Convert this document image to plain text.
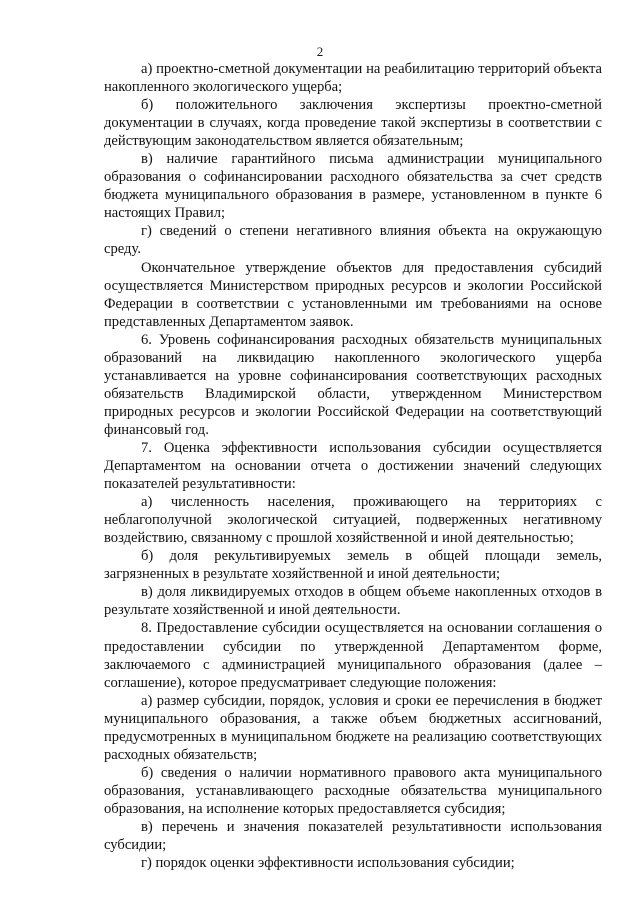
2

а) проектно-сметной документации на реабилитацию территорий объекта накопленного экологического ущерба;

б) положительного заключения экспертизы проектно-сметной документации в случаях, когда проведение такой экспертизы в соответствии с действующим законодательством является обязательным;

в) наличие гарантийного письма администрации муниципального образования о софинансировании расходного обязательства за счет средств бюджета муниципального образования в размере, установленном в пункте 6 настоящих Правил;

г) сведений о степени негативного влияния объекта на окружающую среду.

Окончательное утверждение объектов для предоставления субсидий осуществляется Министерством природных ресурсов и экологии Российской Федерации в соответствии с установленными им требованиями на основе представленных Департаментом заявок.

6. Уровень софинансирования расходных обязательств муниципальных образований на ликвидацию накопленного экологического ущерба устанавливается на уровне софинансирования соответствующих расходных обязательств Владимирской области, утвержденном Министерством природных ресурсов и экологии Российской Федерации на соответствующий финансовый год.

7. Оценка эффективности использования субсидии осуществляется Департаментом на основании отчета о достижении значений следующих показателей результативности:

а) численность населения, проживающего на территориях с неблагополучной экологической ситуацией, подверженных негативному воздействию, связанному с прошлой хозяйственной и иной деятельностью;

б) доля рекультивируемых земель в общей площади земель, загрязненных в результате хозяйственной и иной деятельности;

в) доля ликвидируемых отходов в общем объеме накопленных отходов в результате хозяйственной и иной деятельности.

8. Предоставление субсидии осуществляется на основании соглашения о предоставлении субсидии по утвержденной Департаментом форме, заключаемого с администрацией муниципального образования (далее – соглашение), которое предусматривает следующие положения:

а) размер субсидии, порядок, условия и сроки ее перечисления в бюджет муниципального образования, а также объем бюджетных ассигнований, предусмотренных в муниципальном бюджете на реализацию соответствующих расходных обязательств;

б) сведения о наличии нормативного правового акта муниципального образования, устанавливающего расходные обязательства муниципального образования, на исполнение которых предоставляется субсидия;

в) перечень и значения показателей результативности использования субсидии;

г) порядок оценки эффективности использования субсидии;
